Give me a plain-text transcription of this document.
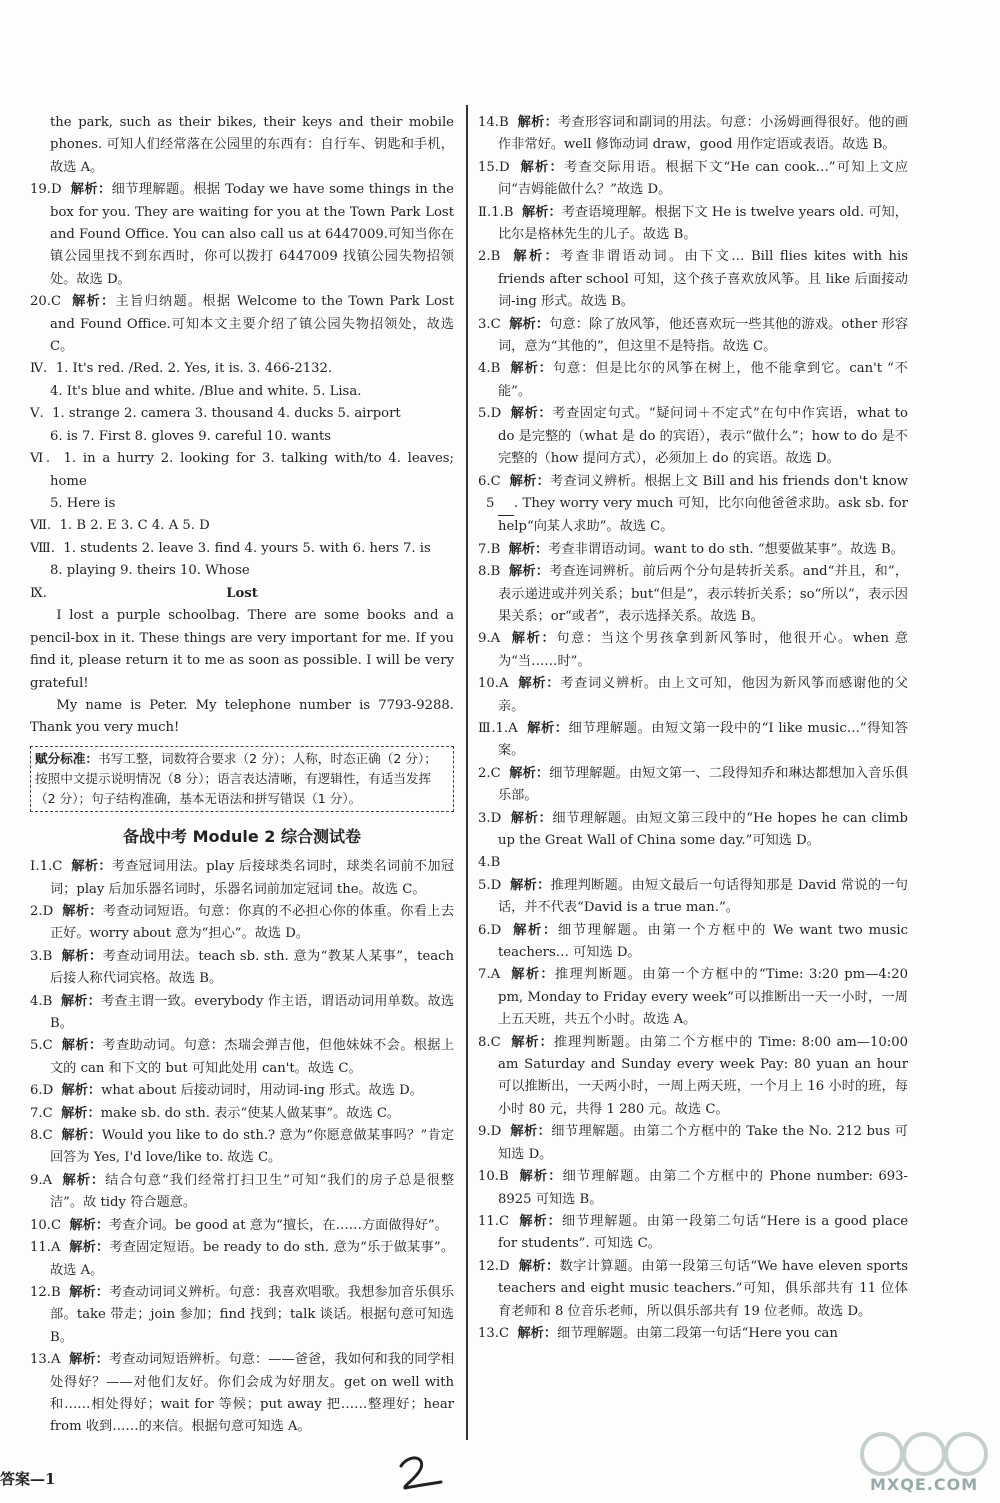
the park, such as their bikes, their keys and their mobile phones. 可知人们经常落在公园里的东西有：自行车、钥匙和手机，故选 A。

19.D 解析：细节理解题。根据 Today we have some things in the box for you. They are waiting for you at the Town Park Lost and Found Office. You can also call us at 6447009.可知当你在镇公园里找不到东西时，你可以拨打 6447009 找镇公园失物招领处。故选 D。

20.C 解析：主旨归纳题。根据 Welcome to the Town Park Lost and Found Office.可知本文主要介绍了镇公园失物招领处，故选 C。

Ⅳ. 1. It's red. /Red. 2. Yes, it is. 3. 466-2132.

4. It's blue and white. /Blue and white. 5. Lisa.

Ⅴ. 1. strange 2. camera 3. thousand 4. ducks 5. airport

6. is 7. First 8. gloves 9. careful 10. wants

Ⅵ. 1. in a hurry 2. looking for 3. talking with/to 4. leaves; home

5. Here is

Ⅶ. 1. B 2. E 3. C 4. A 5. D

Ⅷ. 1. students 2. leave 3. find 4. yours 5. with 6. hers 7. is

8. playing 9. theirs 10. Whose

Ⅸ.	Lost

I lost a purple schoolbag. There are some books and a pencil-box in it. These things are very important for me. If you find it, please return it to me as soon as possible. I will be very grateful!

My name is Peter. My telephone number is 7793-9288. Thank you very much!

赋分标准：书写工整，词数符合要求（2 分）；人称，时态正确（2 分）；按照中文提示说明情况（8 分）；语言表达清晰，有逻辑性，有适当发挥（2 分）；句子结构准确，基本无语法和拼写错误（1 分）。
备战中考 Module 2 综合测试卷

Ⅰ.1.C 解析：考查冠词用法。play 后接球类名词时，球类名词前不加冠词；play 后加乐器名词时，乐器名词前加定冠词 the。故选 C。

2.D 解析：考查动词短语。句意：你真的不必担心你的体重。你看上去正好。worry about 意为“担心”。故选 D。

3.B 解析：考查动词用法。teach sb. sth. 意为“教某人某事”，teach 后接人称代词宾格。故选 B。

4.B 解析：考查主谓一致。everybody 作主语，谓语动词用单数。故选 B。

5.C 解析：考查助动词。句意：杰瑞会弹吉他，但他妹妹不会。根据上文的 can 和下文的 but 可知此处用 can't。故选 C。

6.D 解析：what about 后接动词时，用动词-ing 形式。故选 D。

7.C 解析：make sb. do sth. 表示“使某人做某事”。故选 C。

8.C 解析：Would you like to do sth.? 意为“你愿意做某事吗？”肯定回答为 Yes, I'd love/like to. 故选 C。

9.A 解析：结合句意“我们经常打扫卫生”可知“我们的房子总是很整洁”。故 tidy 符合题意。

10.C 解析：考查介词。be good at 意为“擅长，在……方面做得好”。

11.A 解析：考查固定短语。be ready to do sth. 意为“乐于做某事”。故选 A。

12.B 解析：考查动词词义辨析。句意：我喜欢唱歌。我想参加音乐俱乐部。take 带走；join 参加；find 找到；talk 谈话。根据句意可知选 B。

13.A 解析：考查动词短语辨析。句意：——爸爸，我如何和我的同学相处得好？——对他们友好。你们会成为好朋友。get on well with 和……相处得好；wait for 等候；put away 把……整理好；hear from 收到……的来信。根据句意可知选 A。

14.B 解析：考查形容词和副词的用法。句意：小汤姆画得很好。他的画作非常好。well 修饰动词 draw，good 用作定语或表语。故选 B。

15.D 解析：考查交际用语。根据下文“He can cook…”可知上文应问“吉姆能做什么？”故选 D。

Ⅱ.1.B 解析：考查语境理解。根据下文 He is twelve years old. 可知，比尔是格林先生的儿子。故选 B。

2.B 解析：考查非谓语动词。由下文… Bill flies kites with his friends after school 可知，这个孩子喜欢放风筝。且 like 后面接动词-ing 形式。故选 B。

3.C 解析：句意：除了放风筝，他还喜欢玩一些其他的游戏。other 形容词，意为“其他的”，但这里不是特指。故选 C。

4.B 解析：句意：但是比尔的风筝在树上，他不能拿到它。can't “不能”。

5.D 解析：考查固定句式。“疑问词＋不定式”在句中作宾语，what to do 是完整的（what 是 do 的宾语），表示“做什么”；how to do 是不完整的（how 提问方式），必须加上 do 的宾语。故选 D。

6.C 解析：考查词义辨析。根据上文 Bill and his friends don't know5 . They worry very much 可知，比尔向他爸爸求助。ask sb. for help“向某人求助”。故选 C。

7.B 解析：考查非谓语动词。want to do sth. “想要做某事”。故选 B。

8.B 解析：考查连词辨析。前后两个分句是转折关系。and“并且，和”，表示递进或并列关系；but“但是”，表示转折关系；so“所以”，表示因果关系；or“或者”，表示选择关系。故选 B。

9.A 解析：句意：当这个男孩拿到新风筝时，他很开心。when 意为“当……时”。

10.A 解析：考查词义辨析。由上文可知，他因为新风筝而感谢他的父亲。

Ⅲ.1.A 解析：细节理解题。由短文第一段中的“I like music…”得知答案。

2.C 解析：细节理解题。由短文第一、二段得知乔和琳达都想加入音乐俱乐部。

3.D 解析：细节理解题。由短文第三段中的“He hopes he can climb up the Great Wall of China some day.”可知选 D。

4.B

5.D 解析：推理判断题。由短文最后一句话得知那是 David 常说的一句话，并不代表“David is a true man.”。

6.D 解析：细节理解题。由第一个方框中的 We want two music teachers… 可知选 D。

7.A 解析：推理判断题。由第一个方框中的“Time: 3:20 pm—4:20 pm, Monday to Friday every week”可以推断出一天一小时，一周上五天班，共五个小时。故选 A。

8.C 解析：推理判断题。由第二个方框中的 Time: 8:00 am—10:00 am Saturday and Sunday every week Pay: 80 yuan an hour 可以推断出，一天两小时，一周上两天班，一个月上 16 小时的班，每小时 80 元，共得 1 280 元。故选 C。

9.D 解析：细节理解题。由第二个方框中的 Take the No. 212 bus 可知选 D。

10.B 解析：细节理解题。由第二个方框中的 Phone number: 693-8925 可知选 B。

11.C 解析：细节理解题。由第一段第二句话“Here is a good place for students”. 可知选 C。

12.D 解析：数字计算题。由第一段第三句话“We have eleven sports teachers and eight music teachers.”可知，俱乐部共有 11 位体育老师和 8 位音乐老师，所以俱乐部共有 19 位老师。故选 D。

13.C 解析：细节理解题。由第二段第一句话“Here you can

答案—1	MXQE.COM
